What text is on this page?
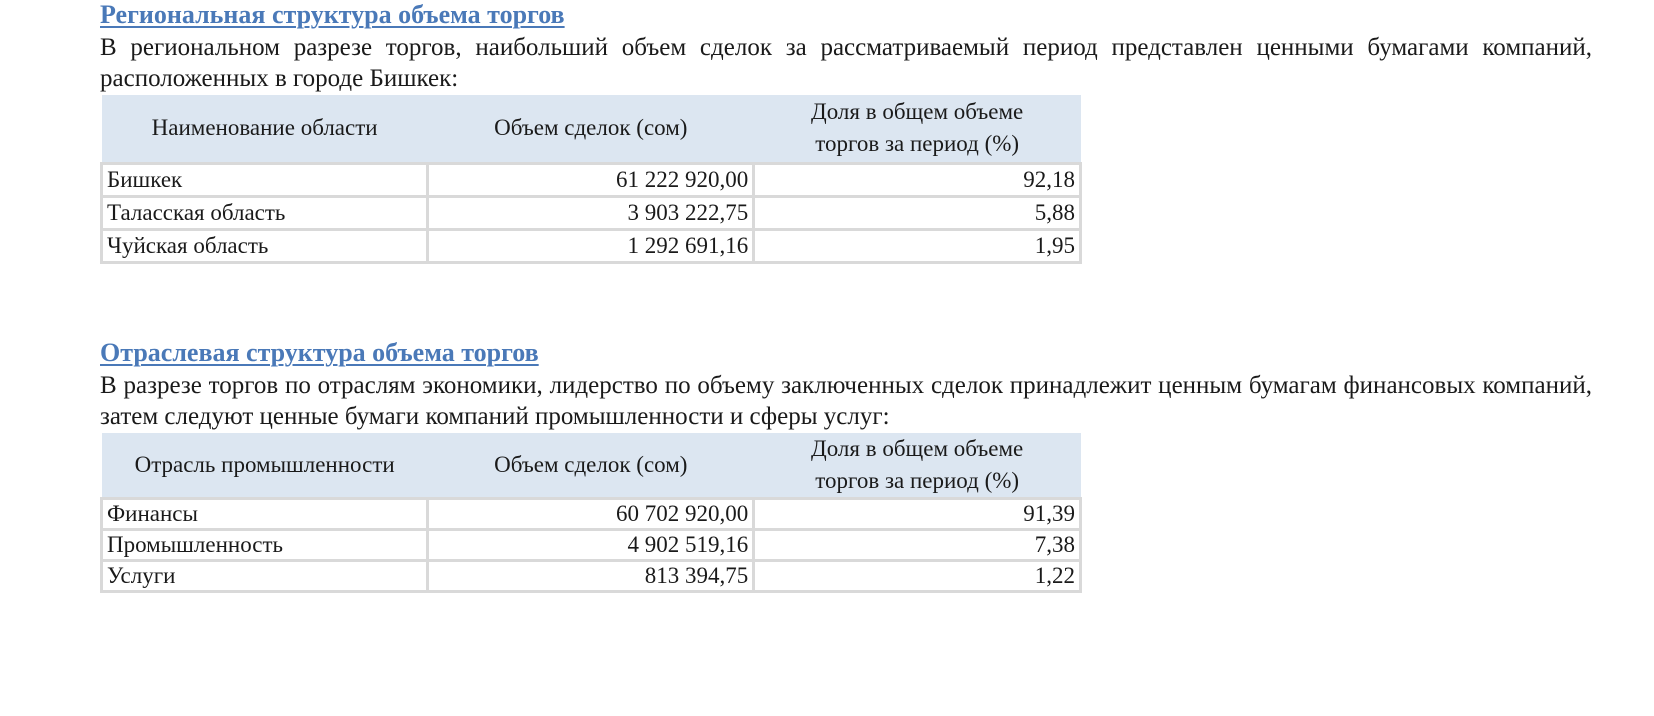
Региональная структура объема торгов

В региональном разрезе торгов, наибольший объем сделок за рассматриваемый период представлен ценными бумагами компаний, расположенных в городе Бишкек:

Наименование области	Объем сделок (сом)	Доля в общем объеме
торгов за период (%)
Бишкек	61 222 920,00	92,18
Таласская область	3 903 222,75	5,88
Чуйская область	1 292 691,16	1,95
Отраслевая структура объема торгов

В разрезе торгов по отраслям экономики, лидерство по объему заключенных сделок принадлежит ценным бумагам финансовых компаний, затем следуют ценные бумаги компаний промышленности и сферы услуг:

Отрасль промышленности	Объем сделок (сом)	Доля в общем объеме
торгов за период (%)
Финансы	60 702 920,00	91,39
Промышленность	4 902 519,16	7,38
Услуги	813 394,75	1,22
